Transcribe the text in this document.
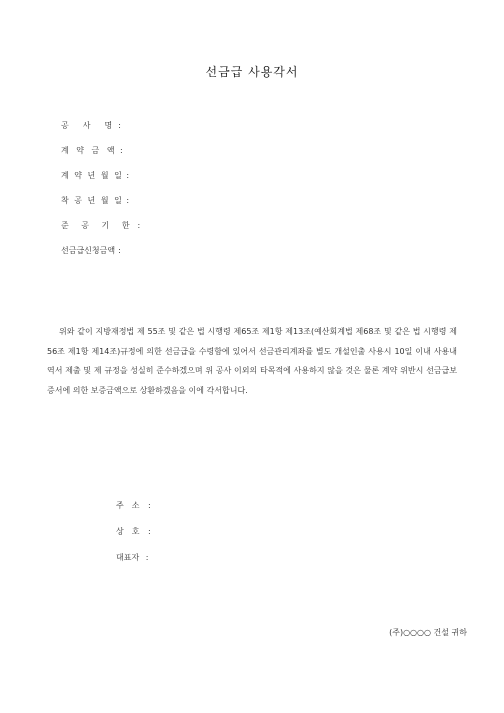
선금급 사용각서
공　사　명 :
계 약 금 액 :
계 약 년 월 일 :
착 공 년 월 일 :
준 공 기 한 :
선금급신청금액 :

위와 같이 지방재정법 제 55조 및 같은 법 시행령 제65조 제1항 제13조(예산회계법 제68조 및 같은 법 시행령 제56조 제1항 제14조)규정에 의한 선금급을 수령함에 있어서 선금관리계좌를 별도 개설인출 사용시 10일 이내 사용내역서 제출 및 제 규정을 성실히 준수하겠으며 위 공사 이외의 타목적에 사용하지 않을 것은 물론 계약 위반시 선금급보증서에 의한 보증금액으로 상환하겠음을 이에 각서합니다.

주　소 :
상　호 :
대표자 :
(주)○○○○ 건설 귀하
